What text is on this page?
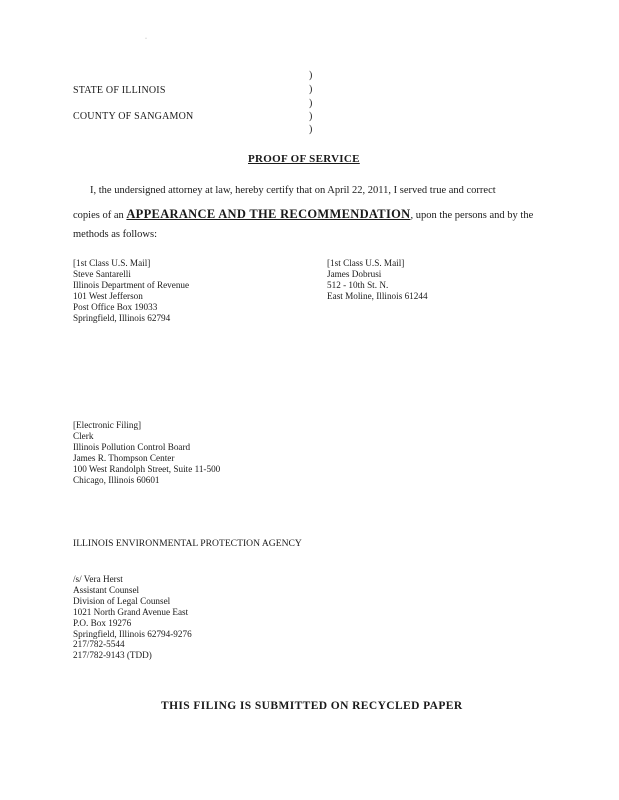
·
STATE OF ILLINOIS
COUNTY OF SANGAMON
)
)
)
)
)
PROOF OF SERVICE
I, the undersigned attorney at law, hereby certify that on April 22, 2011, I served true and correct
copies of an APPEARANCE AND THE RECOMMENDATION, upon the persons and by the
methods as follows:
[1st Class U.S. Mail]
Steve Santarelli
Illinois Department of Revenue
101 West Jefferson
Post Office Box 19033
Springfield, Illinois 62794
[1st Class U.S. Mail]
James Dobrusi
512 - 10th St. N.
East Moline, Illinois 61244
[Electronic Filing]
Clerk
Illinois Pollution Control Board
James R. Thompson Center
100 West Randolph Street, Suite 11-500
Chicago, Illinois 60601
ILLINOIS ENVIRONMENTAL PROTECTION AGENCY
/s/ Vera Herst
Assistant Counsel
Division of Legal Counsel
1021 North Grand Avenue East
P.O. Box 19276
Springfield, Illinois 62794-9276
217/782-5544
217/782-9143 (TDD)
THIS FILING IS SUBMITTED ON RECYCLED PAPER
